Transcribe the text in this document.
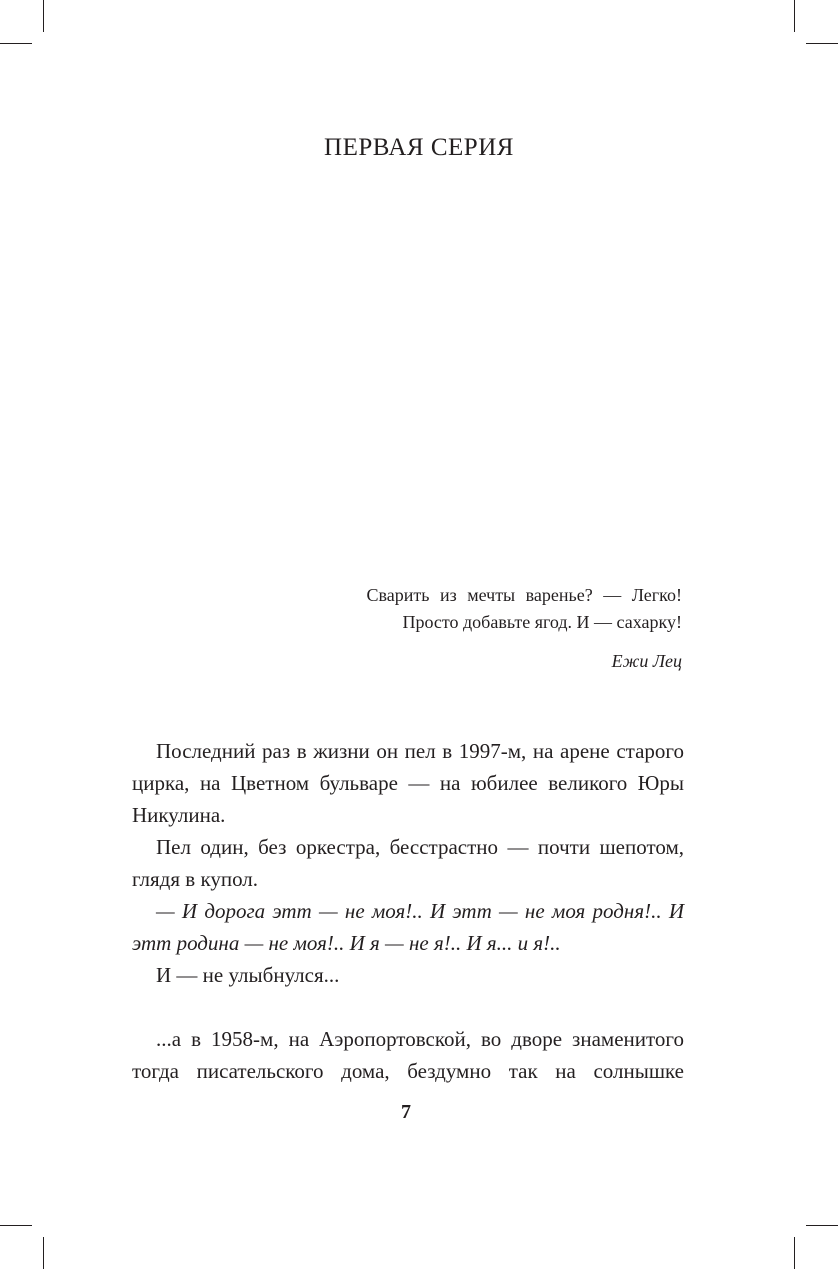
ПЕРВАЯ СЕРИЯ
Сварить из мечты варенье? — Легко!
Просто добавьте ягод. И — сахарку!
Ежи Лец

Последний раз в жизни он пел в 1997-м, на арене старого цирка, на Цветном бульваре — на юбилее великого Юры Никулина.

Пел один, без оркестра, бесстрастно — почти шепотом, глядя в купол.

— И дорога этт — не моя!.. И этт — не моя родня!.. И этт родина — не моя!.. И я — не я!.. И я... и я!..

И — не улыбнулся...

...а в 1958-м, на Аэропортовской, во дворе знаменитого тогда писательского дома, бездумно так на солнышке

7
